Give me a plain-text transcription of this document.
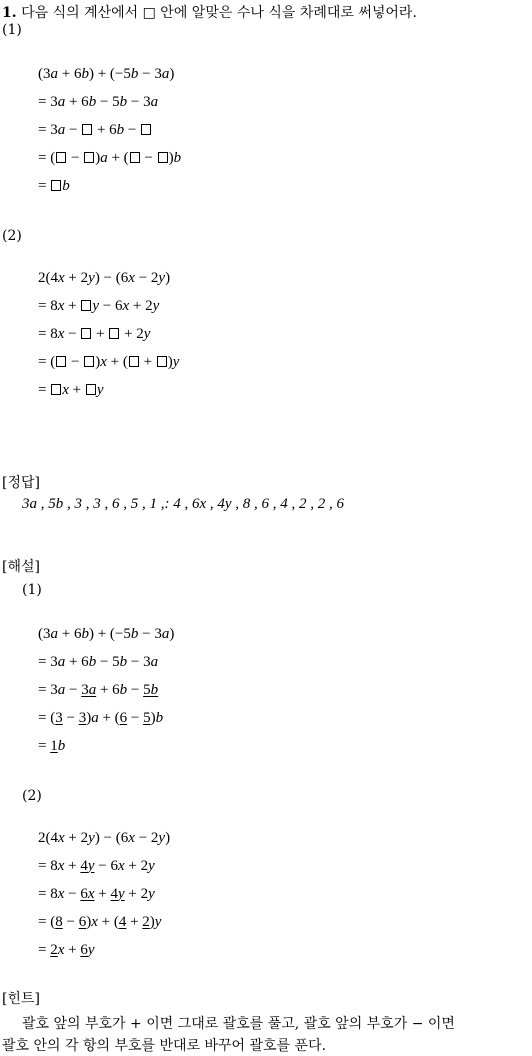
1. 다음 식의 계산에서 □ 안에 알맞은 수나 식을 차례대로 써넣어라.
(1)
(3a + 6b) + (−5b − 3a)
= 3a + 6b − 5b − 3a
= 3a −  + 6b −
= ( − )a + ( − )b
= b
(2)
2(4x + 2y) − (6x − 2y)
= 8x + y − 6x + 2y
= 8x −  +  + 2y
= ( − )x + ( + )y
= x + y
[정답]
3a , 5b , 3 , 3 , 6 , 5 , 1 ,: 4 , 6x , 4y , 8 , 6 , 4 , 2 , 2 , 6
[해설]
(1)
(3a + 6b) + (−5b − 3a)
= 3a + 6b − 5b − 3a
= 3a − 3a + 6b − 5b
= (3 − 3)a + (6 − 5)b
= 1b
(2)
2(4x + 2y) − (6x − 2y)
= 8x + 4y − 6x + 2y
= 8x − 6x + 4y + 2y
= (8 − 6)x + (4 + 2)y
= 2x + 6y
[힌트]
괄호 앞의 부호가 + 이면 그대로 괄호를 풀고, 괄호 앞의 부호가 − 이면
괄호 안의 각 항의 부호를 반대로 바꾸어 괄호를 푼다.
